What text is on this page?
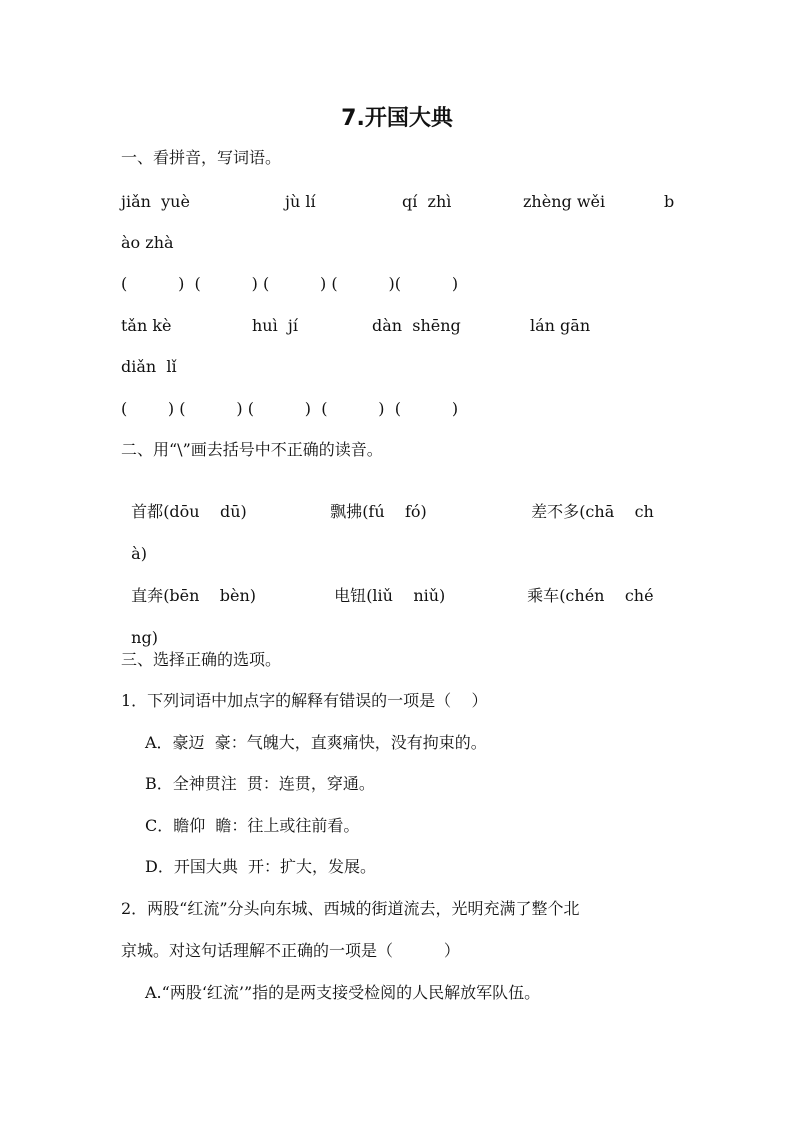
7.开国大典
一、看拼音，写词语。
jiǎn  yuè	jù lí	qí  zhì	zhèng wěi	b
ào zhà
(          )  (          ) (          ) (          )(          )
tǎn kè	huì  jí	dàn  shēng	lán gān
diǎn  lǐ
(        ) (          ) (          )  (          )  (          )
二、用“\”画去括号中不正确的读音。

首都(dōu    dū)	飘拂(fú    fó)	差不多(chā    ch

à)

直奔(bēn    bèn)	电钮(liǔ    niǔ)	乘车(chén    ché

ng)

三、选择正确的选项。
1．下列词语中加点字的解释有错误的一项是（    ）
A．豪迈  豪：气魄大，直爽痛快，没有拘束的。
B．全神贯注  贯：连贯，穿通。
C．瞻仰  瞻：往上或往前看。
D．开国大典  开：扩大，发展。
2．两股“红流”分头向东城、西城的街道流去，光明充满了整个北
京城。对这句话理解不正确的一项是（          ）
A.“两股‘红流’”指的是两支接受检阅的人民解放军队伍。
